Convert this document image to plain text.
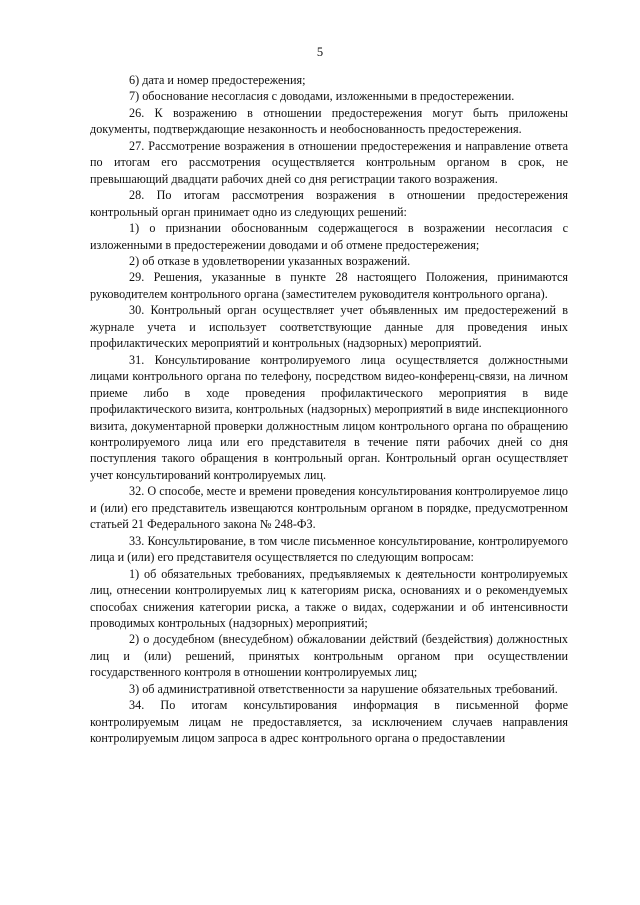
5

6) дата и номер предостережения;

7) обоснование несогласия с доводами, изложенными в предостережении.

26. К возражению в отношении предостережения могут быть приложены документы, подтверждающие незаконность и необоснованность предостережения.

27. Рассмотрение возражения в отношении предостережения и направление ответа по итогам его рассмотрения осуществляется контрольным органом в срок, не превышающий двадцати рабочих дней со дня регистрации такого возражения.

28. По итогам рассмотрения возражения в отношении предостережения контрольный орган принимает одно из следующих решений:

1) о признании обоснованным содержащегося в возражении несогласия с изложенными в предостережении доводами и об отмене предостережения;

2) об отказе в удовлетворении указанных возражений.

29. Решения, указанные в пункте 28 настоящего Положения, принимаются руководителем контрольного органа (заместителем руководителя контрольного органа).

30. Контрольный орган осуществляет учет объявленных им предостережений в журнале учета и использует соответствующие данные для проведения иных профилактических мероприятий и контрольных (надзорных) мероприятий.

31. Консультирование контролируемого лица осуществляется должностными лицами контрольного органа по телефону, посредством видео-конференц-связи, на личном приеме либо в ходе проведения профилактического мероприятия в виде профилактического визита, контрольных (надзорных) мероприятий в виде инспекционного визита, документарной проверки должностным лицом контрольного органа по обращению контролируемого лица или его представителя в течение пяти рабочих дней со дня поступления такого обращения в контрольный орган. Контрольный орган осуществляет учет консультирований контролируемых лиц.

32. О способе, месте и времени проведения консультирования контролируемое лицо и (или) его представитель извещаются контрольным органом в порядке, предусмотренном статьей 21 Федерального закона № 248-ФЗ.

33. Консультирование, в том числе письменное консультирование, контролируемого лица и (или) его представителя осуществляется по следующим вопросам:

1) об обязательных требованиях, предъявляемых к деятельности контролируемых лиц, отнесении контролируемых лиц к категориям риска, основаниях и о рекомендуемых способах снижения категории риска, а также о видах, содержании и об интенсивности проводимых контрольных (надзорных) мероприятий;

2) о досудебном (внесудебном) обжаловании действий (бездействия) должностных лиц и (или) решений, принятых контрольным органом при осуществлении государственного контроля в отношении контролируемых лиц;

3) об административной ответственности за нарушение обязательных требований.

34. По итогам консультирования информация в письменной форме контролируемым лицам не предоставляется, за исключением случаев направления контролируемым лицом запроса в адрес контрольного органа о предоставлении
